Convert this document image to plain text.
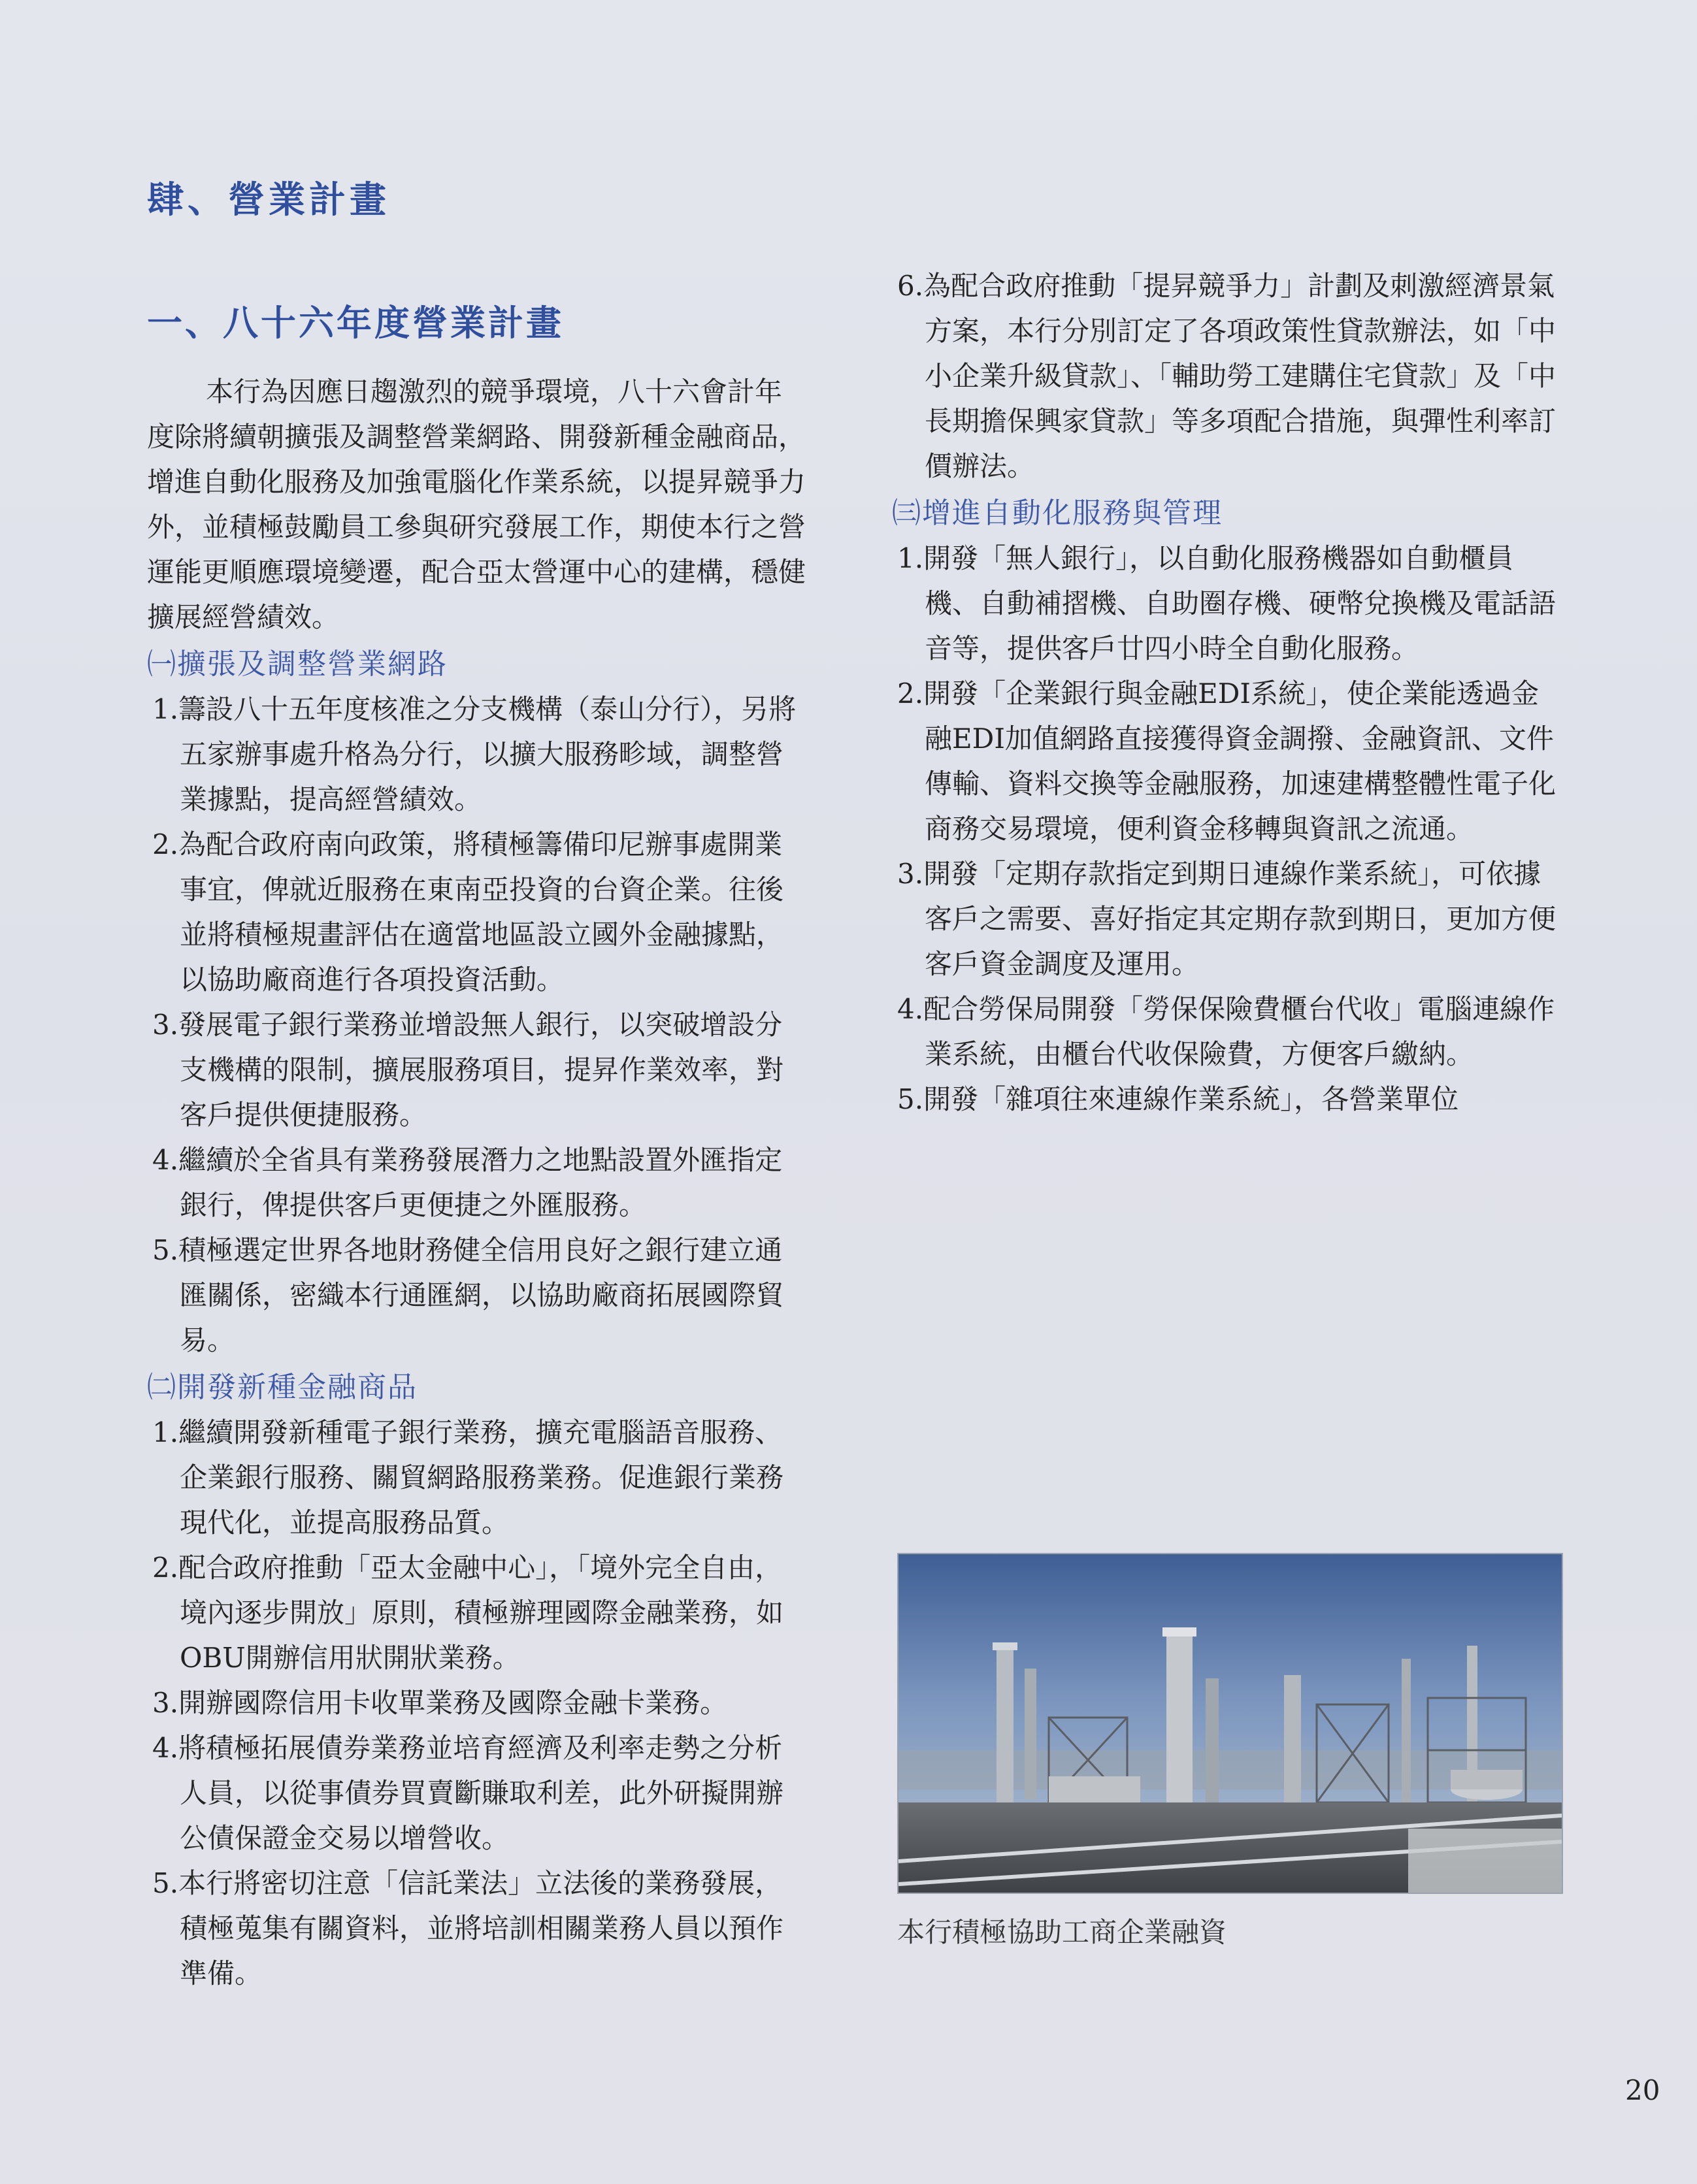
肆、營業計畫
一、八十六年度營業計畫

本行為因應日趨激烈的競爭環境，八十六會計年度除將續朝擴張及調整營業網路、開發新種金融商品，增進自動化服務及加強電腦化作業系統，以提昇競爭力外，並積極鼓勵員工參與研究發展工作，期使本行之營運能更順應環境變遷，配合亞太營運中心的建構，穩健擴展經營績效。

㈠擴張及調整營業網路

1.籌設八十五年度核准之分支機構（泰山分行），另將五家辦事處升格為分行，以擴大服務畛域，調整營業據點，提高經營績效。

2.為配合政府南向政策，將積極籌備印尼辦事處開業事宜，俾就近服務在東南亞投資的台資企業。往後並將積極規畫評估在適當地區設立國外金融據點，以協助廠商進行各項投資活動。

3.發展電子銀行業務並增設無人銀行，以突破增設分支機構的限制，擴展服務項目，提昇作業效率，對客戶提供便捷服務。

4.繼續於全省具有業務發展潛力之地點設置外匯指定銀行，俾提供客戶更便捷之外匯服務。

5.積極選定世界各地財務健全信用良好之銀行建立通匯關係，密織本行通匯網，以協助廠商拓展國際貿易。

㈡開發新種金融商品

1.繼續開發新種電子銀行業務，擴充電腦語音服務、企業銀行服務、關貿網路服務業務。促進銀行業務現代化，並提高服務品質。

2.配合政府推動「亞太金融中心」，「境外完全自由，境內逐步開放」原則，積極辦理國際金融業務，如OBU開辦信用狀開狀業務。

3.開辦國際信用卡收單業務及國際金融卡業務。

4.將積極拓展債券業務並培育經濟及利率走勢之分析人員，以從事債券買賣斷賺取利差，此外研擬開辦公債保證金交易以增營收。

5.本行將密切注意「信託業法」立法後的業務發展，積極蒐集有關資料，並將培訓相關業務人員以預作準備。

6.為配合政府推動「提昇競爭力」計劃及刺激經濟景氣方案，本行分別訂定了各項政策性貸款辦法，如「中小企業升級貸款」、「輔助勞工建購住宅貸款」及「中長期擔保興家貸款」等多項配合措施，與彈性利率訂價辦法。

㈢增進自動化服務與管理

1.開發「無人銀行」，以自動化服務機器如自動櫃員機、自動補摺機、自助圈存機、硬幣兌換機及電話語音等，提供客戶廿四小時全自動化服務。

2.開發「企業銀行與金融EDI系統」，使企業能透過金融EDI加值網路直接獲得資金調撥、金融資訊、文件傳輸、資料交換等金融服務，加速建構整體性電子化商務交易環境，便利資金移轉與資訊之流通。

3.開發「定期存款指定到期日連線作業系統」，可依據客戶之需要、喜好指定其定期存款到期日，更加方便客戶資金調度及運用。

4.配合勞保局開發「勞保保險費櫃台代收」電腦連線作業系統，由櫃台代收保險費，方便客戶繳納。

5.開發「雜項往來連線作業系統」，各營業單位

本行積極協助工商企業融資

20
